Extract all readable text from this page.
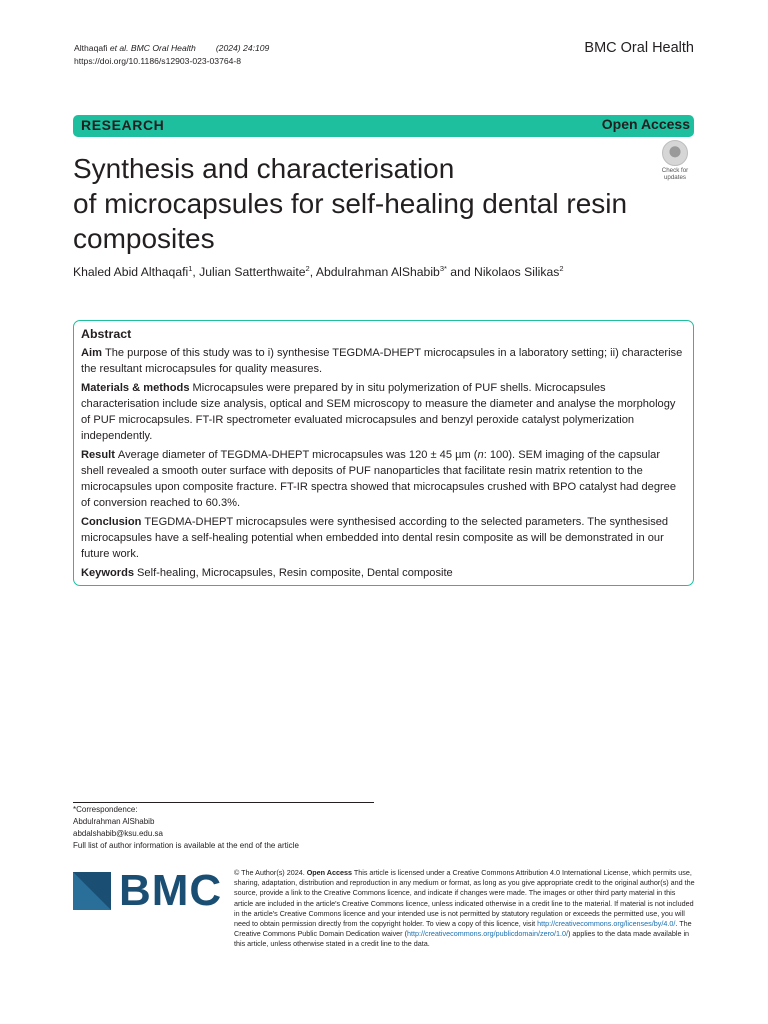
Althaqafi et al. BMC Oral Health (2024) 24:109
https://doi.org/10.1186/s12903-023-03764-8
BMC Oral Health
RESEARCH	Open Access
Synthesis and characterisation
of microcapsules for self-healing dental resin
composites
Check for
updates
Khaled Abid Althaqafi$^1$, Julian Satterthwaite$^2$, Abdulrahman AlShabib$^{3*}$ and Nikolaos Silikas$^2$
Abstract

Aim The purpose of this study was to i) synthesise TEGDMA-DHEPT microcapsules in a laboratory setting; ii) characterise the resultant microcapsules for quality measures.

Materials & methods Microcapsules were prepared by in situ polymerization of PUF shells. Microcapsules characterisation include size analysis, optical and SEM microscopy to measure the diameter and analyse the morphology of PUF microcapsules. FT-IR spectrometer evaluated microcapsules and benzyl peroxide catalyst polymerization independently.

Result Average diameter of TEGDMA-DHEPT microcapsules was 120 ± 45 µm (n: 100). SEM imaging of the capsular shell revealed a smooth outer surface with deposits of PUF nanoparticles that facilitate resin matrix retention to the microcapsules upon composite fracture. FT-IR spectra showed that microcapsules crushed with BPO catalyst had degree of conversion reached to 60.3%.

Conclusion TEGDMA-DHEPT microcapsules were synthesised according to the selected parameters. The synthesised microcapsules have a self-healing potential when embedded into dental resin composite as will be demonstrated in our future work.

Keywords Self-healing, Microcapsules, Resin composite, Dental composite

*Correspondence:
Abdulrahman AlShabib
abdalshabib@ksu.edu.sa
Full list of author information is available at the end of the article
BMC © The Author(s) 2024. Open Access This article is licensed under a Creative Commons Attribution 4.0 International License, which permits use, sharing, adaptation, distribution and reproduction in any medium or format, as long as you give appropriate credit to the original author(s) and the source, provide a link to the Creative Commons licence, and indicate if changes were made. The images or other third party material in this article are included in the article's Creative Commons licence, unless indicated otherwise in a credit line to the material. If material is not included in the article's Creative Commons licence and your intended use is not permitted by statutory regulation or exceeds the permitted use, you will need to obtain permission directly from the copyright holder. To view a copy of this licence, visit http://creativecommons.org/licenses/by/4.0/. The Creative Commons Public Domain Dedication waiver (http://creativecommons.org/publicdomain/zero/1.0/) applies to the data made available in this article, unless otherwise stated in a credit line to the data.
